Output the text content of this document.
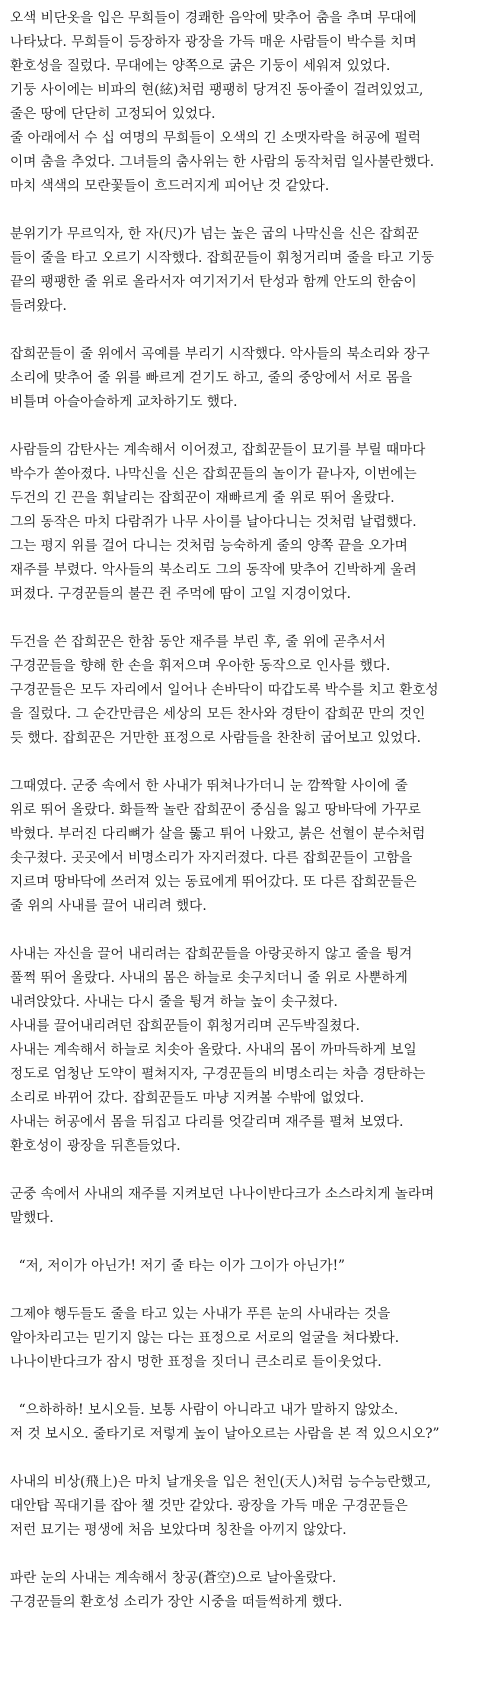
오색 비단옷을 입은 무희들이 경쾌한 음악에 맞추어 춤을 추며 무대에
나타났다. 무희들이 등장하자 광장을 가득 매운 사람들이 박수를 치며
환호성을 질렀다. 무대에는 양쪽으로 굵은 기둥이 세워져 있었다.
기둥 사이에는 비파의 현(絃)처럼 팽팽히 당겨진 동아줄이 걸려있었고,
줄은 땅에 단단히 고정되어 있었다.
줄 아래에서 수 십 여명의 무희들이 오색의 긴 소맷자락을 허공에 펄럭
이며 춤을 추었다. 그녀들의 춤사위는 한 사람의 동작처럼 일사불란했다.
마치 색색의 모란꽃들이 흐드러지게 피어난 것 같았다.
분위기가 무르익자, 한 자(尺)가 넘는 높은 굽의 나막신을 신은 잡희꾼
들이 줄을 타고 오르기 시작했다. 잡희꾼들이 휘청거리며 줄을 타고 기둥
끝의 팽팽한 줄 위로 올라서자 여기저기서 탄성과 함께 안도의 한숨이
들려왔다.
잡희꾼들이 줄 위에서 곡예를 부리기 시작했다. 악사들의 북소리와 장구
소리에 맞추어 줄 위를 빠르게 걷기도 하고, 줄의 중앙에서 서로 몸을
비틀며 아슬아슬하게 교차하기도 했다.
사람들의 감탄사는 계속해서 이어졌고, 잡희꾼들이 묘기를 부릴 때마다
박수가 쏟아졌다. 나막신을 신은 잡희꾼들의 놀이가 끝나자, 이번에는
두건의 긴 끈을 휘날리는 잡희꾼이 재빠르게 줄 위로 뛰어 올랐다.
그의 동작은 마치 다람쥐가 나무 사이를 날아다니는 것처럼 날렵했다.
그는 평지 위를 걸어 다니는 것처럼 능숙하게 줄의 양쪽 끝을 오가며
재주를 부렸다. 악사들의 북소리도 그의 동작에 맞추어 긴박하게 울려
퍼졌다. 구경꾼들의 불끈 쥔 주먹에 땀이 고일 지경이었다.
두건을 쓴 잡희꾼은 한참 동안 재주를 부린 후, 줄 위에 곧추서서
구경꾼들을 향해 한 손을 휘저으며 우아한 동작으로 인사를 했다.
구경꾼들은 모두 자리에서 일어나 손바닥이 따갑도록 박수를 치고 환호성
을 질렀다. 그 순간만큼은 세상의 모든 찬사와 경탄이 잡희꾼 만의 것인
듯 했다. 잡희꾼은 거만한 표정으로 사람들을 찬찬히 굽어보고 있었다.
그때였다. 군중 속에서 한 사내가 뛰쳐나가더니 눈 깜짝할 사이에 줄
위로 뛰어 올랐다. 화들짝 놀란 잡희꾼이 중심을 잃고 땅바닥에 가꾸로
박혔다. 부러진 다리뼈가 살을 뚫고 튀어 나왔고, 붉은 선혈이 분수처럼
솟구쳤다. 곳곳에서 비명소리가 자지러졌다. 다른 잡희꾼들이 고함을
지르며 땅바닥에 쓰러져 있는 동료에게 뛰어갔다. 또 다른 잡희꾼들은
줄 위의 사내를 끌어 내리려 했다.
사내는 자신을 끌어 내리려는 잡희꾼들을 아랑곳하지 않고 줄을 튕겨
풀쩍 뛰어 올랐다. 사내의 몸은 하늘로 솟구치더니 줄 위로 사뿐하게
내려앉았다. 사내는 다시 줄을 튕겨 하늘 높이 솟구쳤다.
사내를 끌어내리려던 잡희꾼들이 휘청거리며 곤두박질쳤다.
사내는 계속해서 하늘로 치솟아 올랐다. 사내의 몸이 까마득하게 보일
정도로 엄청난 도약이 펼쳐지자, 구경꾼들의 비명소리는 차츰 경탄하는
소리로 바뀌어 갔다. 잡희꾼들도 마냥 지켜볼 수밖에 없었다.
사내는 허공에서 몸을 뒤집고 다리를 엇갈리며 재주를 펼쳐 보였다.
환호성이 광장을 뒤흔들었다.
군중 속에서 사내의 재주를 지켜보던 나나이반다크가 소스라치게 놀라며
말했다.
“저, 저이가 아닌가! 저기 줄 타는 이가 그이가 아닌가!”
그제야 행두들도 줄을 타고 있는 사내가 푸른 눈의 사내라는 것을
알아차리고는 믿기지 않는 다는 표정으로 서로의 얼굴을 쳐다봤다.
나나이반다크가 잠시 멍한 표정을 짓더니 큰소리로 들이웃었다.
“으하하하! 보시오들. 보통 사람이 아니라고 내가 말하지 않았소.
저 것 보시오. 줄타기로 저렇게 높이 날아오르는 사람을 본 적 있으시오?”
사내의 비상(飛上)은 마치 날개옷을 입은 천인(天人)처럼 능수능란했고,
대안탑 꼭대기를 잡아 챌 것만 같았다. 광장을 가득 매운 구경꾼들은
저런 묘기는 평생에 처음 보았다며 칭찬을 아끼지 않았다.
파란 눈의 사내는 계속해서 창공(蒼空)으로 날아올랐다.
구경꾼들의 환호성 소리가 장안 시중을 떠들썩하게 했다.
